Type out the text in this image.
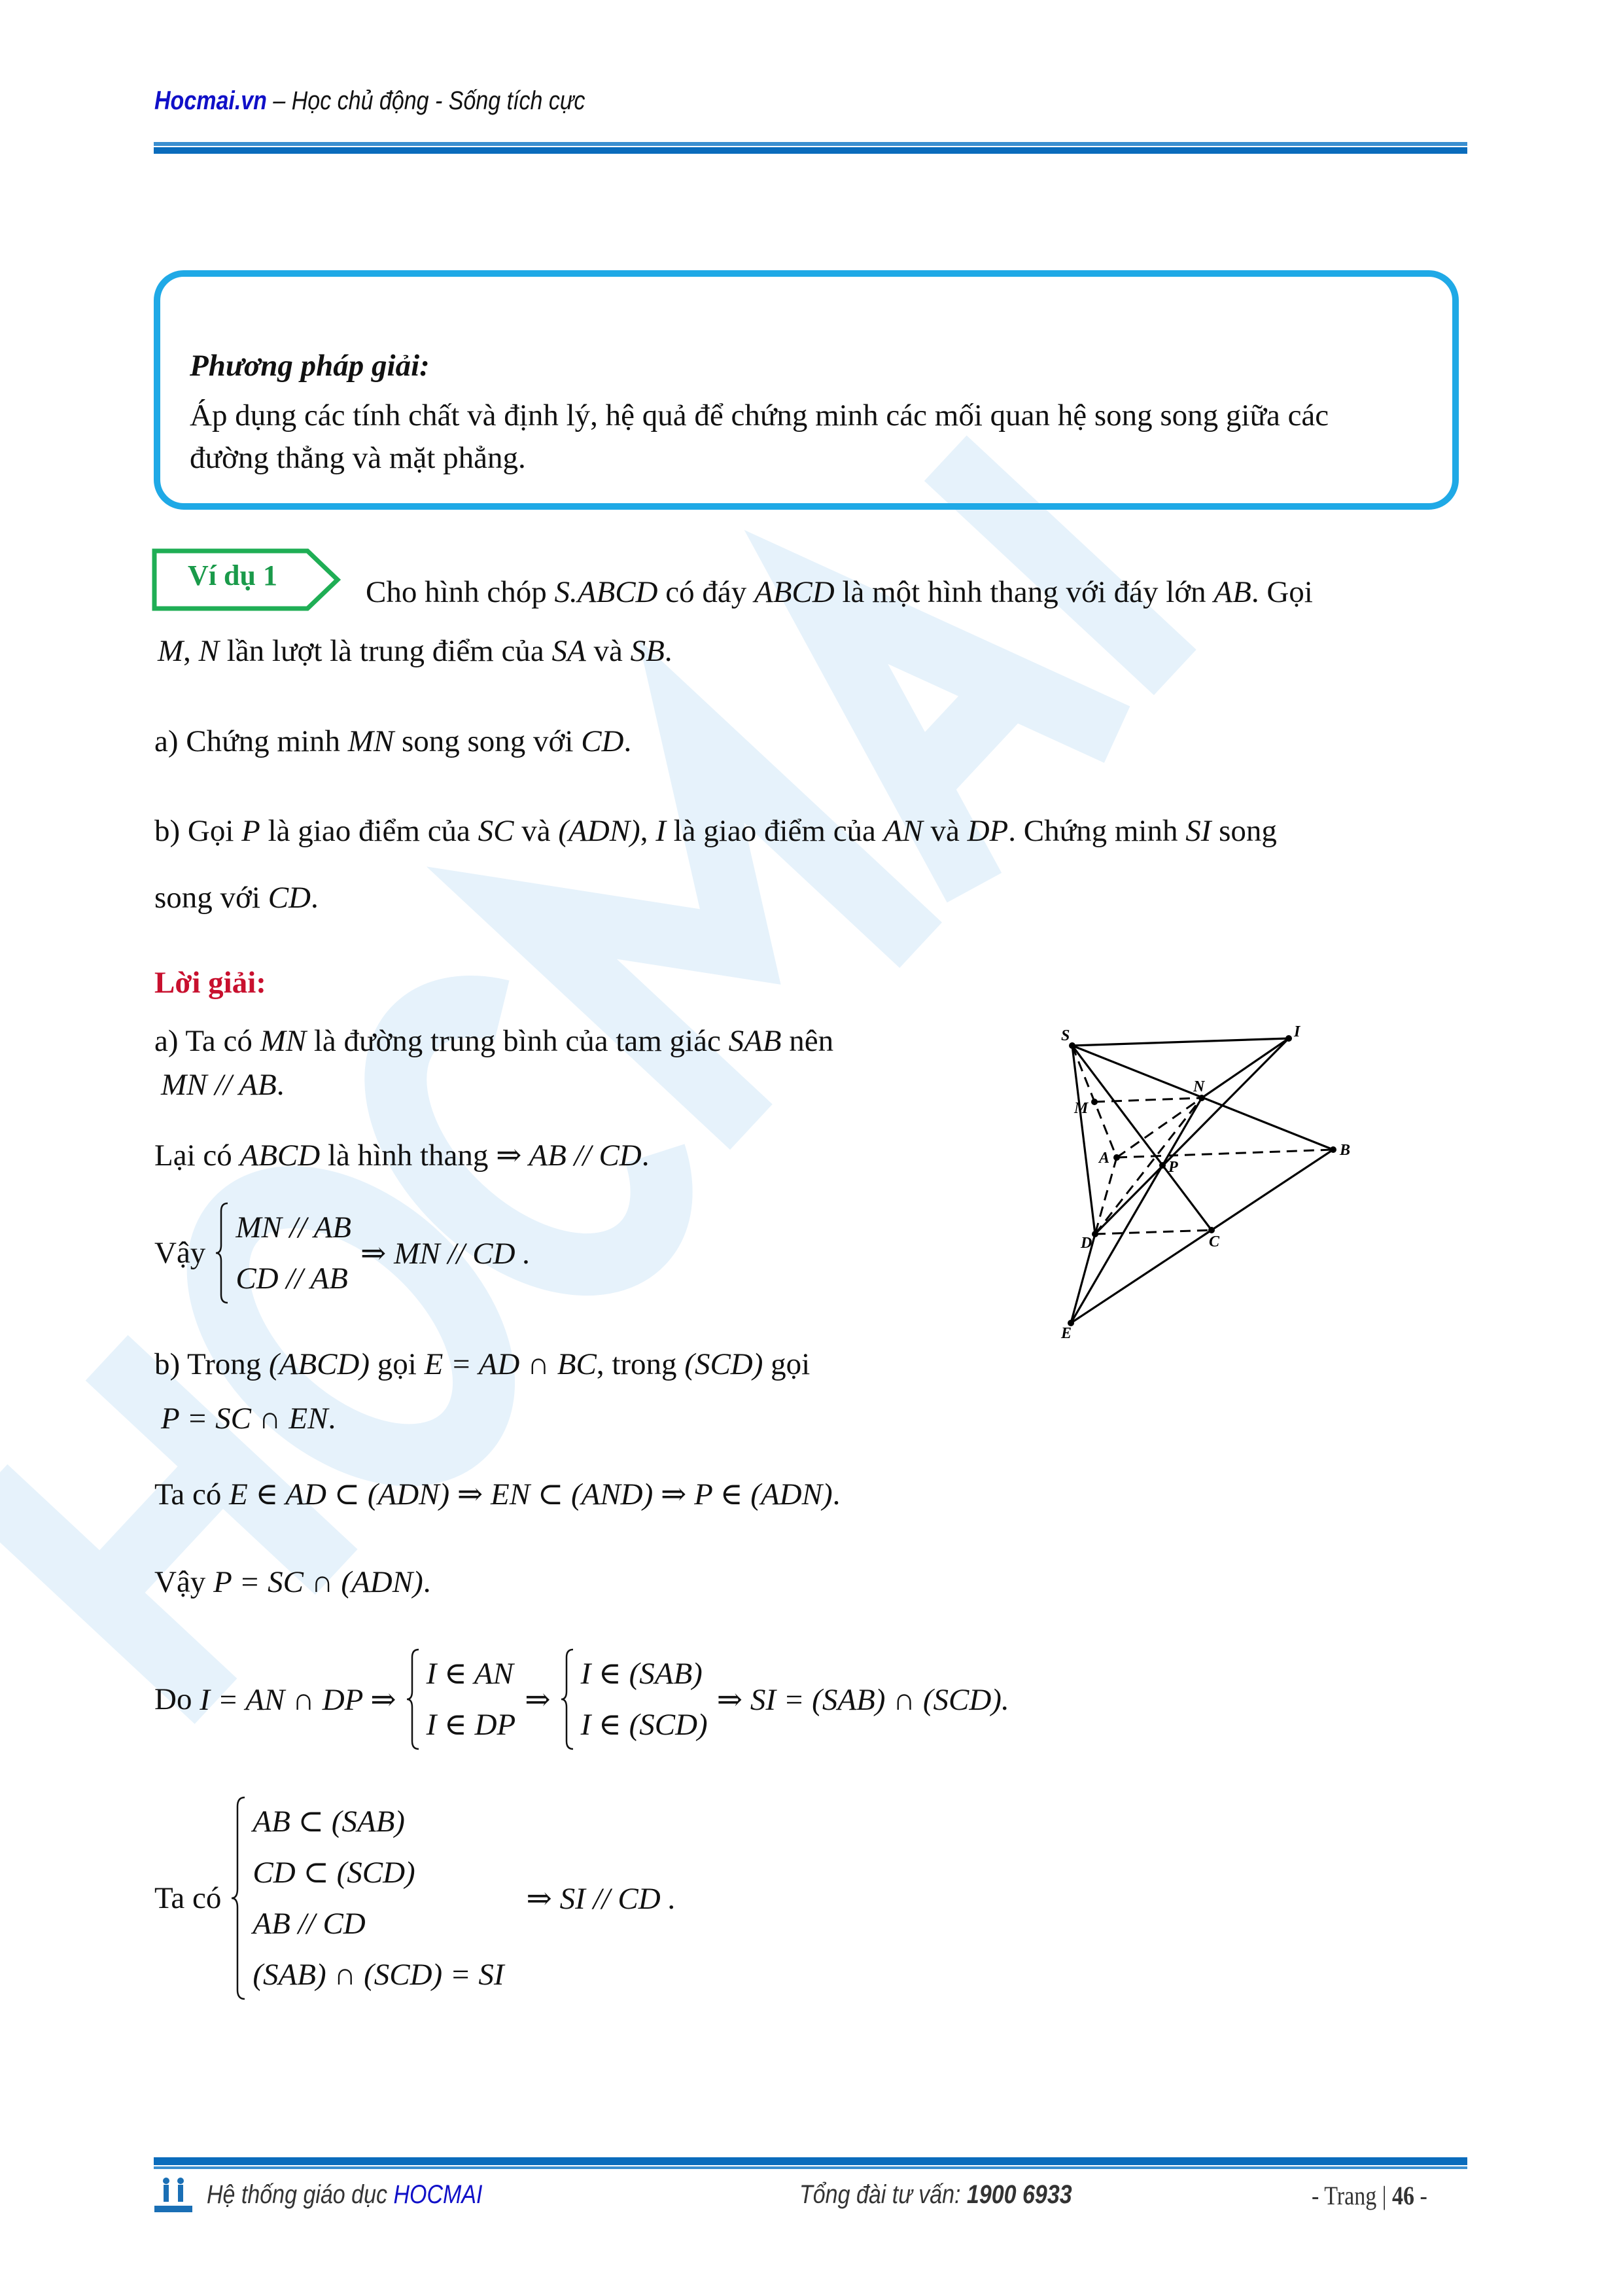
Hocmai.vn – Học chủ động - Sống tích cực
Phương pháp giải:
Áp dụng các tính chất và định lý, hệ quả để chứng minh các mối quan hệ song song giữa các
đường thẳng và mặt phẳng.
Ví dụ 1	Cho hình chóp S.ABCD có đáy ABCD là một hình thang với đáy lớn AB. Gọi
M, N lần lượt là trung điểm của SA và SB.
a) Chứng minh MN song song với CD.
b) Gọi P là giao điểm của SC và (ADN), I là giao điểm của AN và DP. Chứng minh SI song
song với CD.
Lời giải:
a) Ta có MN là đường trung bình của tam giác SAB nên
MN // AB.
Lại có ABCD là hình thang ⇒ AB // CD.
Vậy
MN // AB
CD // AB
⇒ MN // CD .
b) Trong (ABCD) gọi E = AD ∩ BC, trong (SCD) gọi
P = SC ∩ EN.
Ta có E ∈ AD ⊂ (ADN) ⇒ EN ⊂ (AND) ⇒ P ∈ (ADN).
Vậy P = SC ∩ (ADN).
Do
I = AN ∩ DP ⇒
I ∈ AN
I ∈ DP
⇒
I ∈ (SAB)
I ∈ (SCD)
⇒ SI = (SAB) ∩ (SCD).
Ta có
AB ⊂ (SAB)
CD ⊂ (SCD)
AB // CD
(SAB) ∩ (SCD) = SI
⇒ SI // CD .
S	I
N
M
A
P
B
D	C
E
Hệ thống giáo dục HOCMAI	Tổng đài tư vấn: 1900 6933	- Trang | 46 -
